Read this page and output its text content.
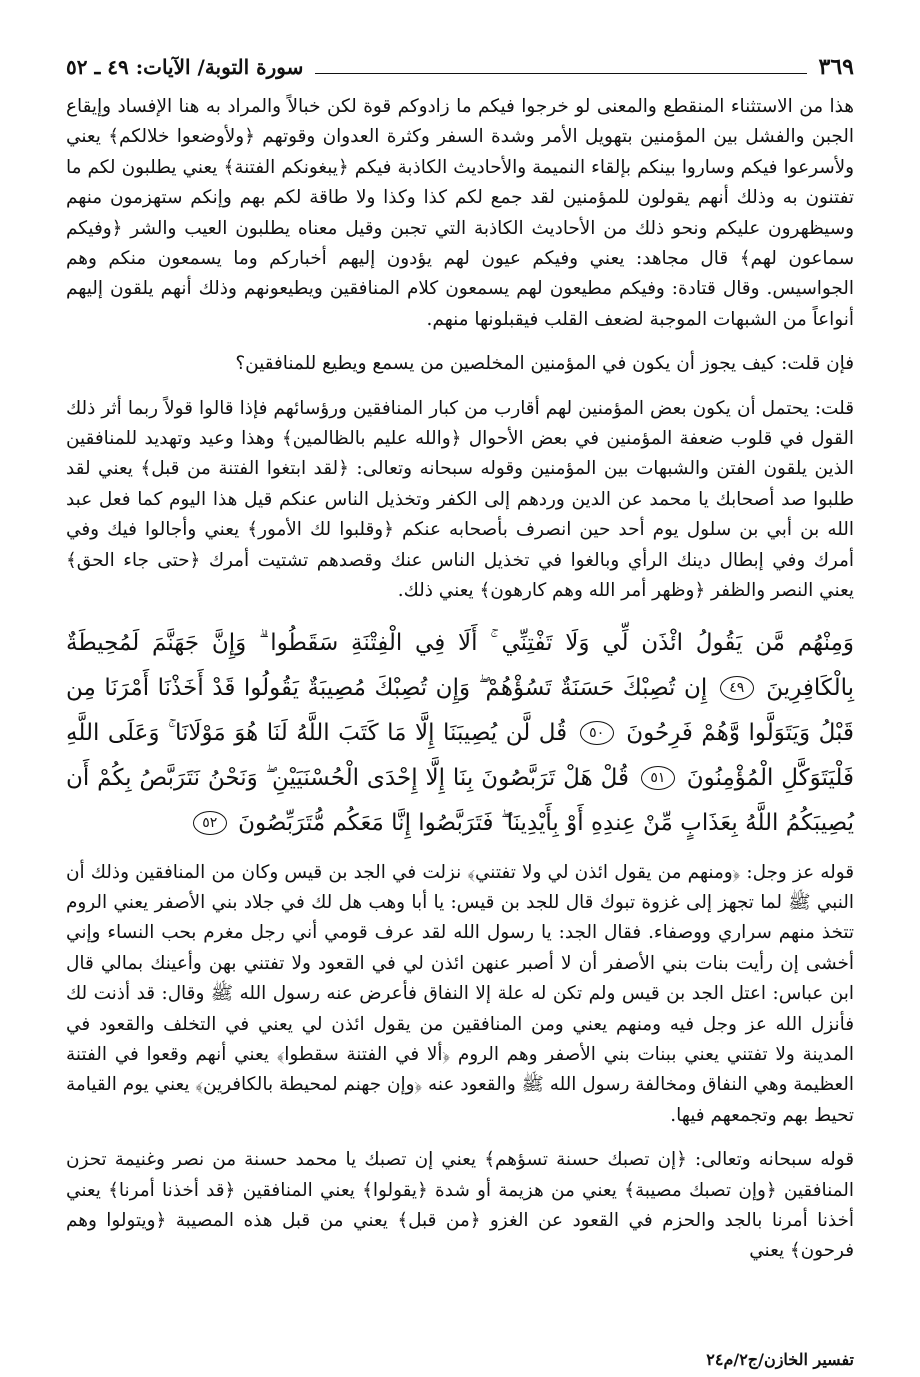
٣٦٩
سورة التوبة/ الآيات: ٤٩ ـ ٥٢

هذا من الاستثناء المنقطع والمعنى لو خرجوا فيكم ما زادوكم قوة لكن خبالاً والمراد به هنا الإفساد وإيقاع الجبن والفشل بين المؤمنين بتهويل الأمر وشدة السفر وكثرة العدوان وقوتهم ﴿ولأوضعوا خلالكم﴾ يعني ولأسرعوا فيكم وساروا بينكم بإلقاء النميمة والأحاديث الكاذبة فيكم ﴿يبغونكم الفتنة﴾ يعني يطلبون لكم ما تفتنون به وذلك أنهم يقولون للمؤمنين لقد جمع لكم كذا وكذا ولا طاقة لكم بهم وإنكم ستهزمون منهم وسيظهرون عليكم ونحو ذلك من الأحاديث الكاذبة التي تجبن وقيل معناه يطلبون العيب والشر ﴿وفيكم سماعون لهم﴾ قال مجاهد: يعني وفيكم عيون لهم يؤدون إليهم أخباركم وما يسمعون منكم وهم الجواسيس. وقال قتادة: وفيكم مطيعون لهم يسمعون كلام المنافقين ويطيعونهم وذلك أنهم يلقون إليهم أنواعاً من الشبهات الموجبة لضعف القلب فيقبلونها منهم.

فإن قلت: كيف يجوز أن يكون في المؤمنين المخلصين من يسمع ويطيع للمنافقين؟

قلت: يحتمل أن يكون بعض المؤمنين لهم أقارب من كبار المنافقين ورؤسائهم فإذا قالوا قولاً ربما أثر ذلك القول في قلوب ضعفة المؤمنين في بعض الأحوال ﴿والله عليم بالظالمين﴾ وهذا وعيد وتهديد للمنافقين الذين يلقون الفتن والشبهات بين المؤمنين وقوله سبحانه وتعالى: ﴿لقد ابتغوا الفتنة من قبل﴾ يعني لقد طلبوا صد أصحابك يا محمد عن الدين وردهم إلى الكفر وتخذيل الناس عنكم قيل هذا اليوم كما فعل عبد الله بن أبي بن سلول يوم أحد حين انصرف بأصحابه عنكم ﴿وقلبوا لك الأمور﴾ يعني وأجالوا فيك وفي أمرك وفي إبطال دينك الرأي وبالغوا في تخذيل الناس عنك وقصدهم تشتيت أمرك ﴿حتى جاء الحق﴾ يعني النصر والظفر ﴿وظهر أمر الله وهم كارهون﴾ يعني ذلك.

وَمِنْهُم مَّن يَقُولُ ائْذَن لِّي وَلَا تَفْتِنِّي ۚ أَلَا فِي الْفِتْنَةِ سَقَطُوا ۗ وَإِنَّ جَهَنَّمَ لَمُحِيطَةٌ بِالْكَافِرِينَ ٤٩ إِن تُصِبْكَ حَسَنَةٌ تَسُؤْهُمْ ۖ وَإِن تُصِبْكَ مُصِيبَةٌ يَقُولُوا قَدْ أَخَذْنَا أَمْرَنَا مِن قَبْلُ وَيَتَوَلَّوا وَّهُمْ فَرِحُونَ ٥٠ قُل لَّن يُصِيبَنَا إِلَّا مَا كَتَبَ اللَّهُ لَنَا هُوَ مَوْلَانَا ۚ وَعَلَى اللَّهِ فَلْيَتَوَكَّلِ الْمُؤْمِنُونَ ٥١ قُلْ هَلْ تَرَبَّصُونَ بِنَا إِلَّا إِحْدَى الْحُسْنَيَيْنِ ۖ وَنَحْنُ نَتَرَبَّصُ بِكُمْ أَن يُصِيبَكُمُ اللَّهُ بِعَذَابٍ مِّنْ عِندِهِ أَوْ بِأَيْدِينَا ۖ فَتَرَبَّصُوا إِنَّا مَعَكُم مُّتَرَبِّصُونَ ٥٢

قوله عز وجل: ﴿ومنهم من يقول ائذن لي ولا تفتني﴾ نزلت في الجد بن قيس وكان من المنافقين وذلك أن النبي ﷺ لما تجهز إلى غزوة تبوك قال للجد بن قيس: يا أبا وهب هل لك في جلاد بني الأصفر يعني الروم تتخذ منهم سراري ووصفاء. فقال الجد: يا رسول الله لقد عرف قومي أني رجل مغرم بحب النساء وإني أخشى إن رأيت بنات بني الأصفر أن لا أصبر عنهن ائذن لي في القعود ولا تفتني بهن وأعينك بمالي قال ابن عباس: اعتل الجد بن قيس ولم تكن له علة إلا النفاق فأعرض عنه رسول الله ﷺ وقال: قد أذنت لك فأنزل الله عز وجل فيه ومنهم يعني ومن المنافقين من يقول ائذن لي يعني في التخلف والقعود في المدينة ولا تفتني يعني ببنات بني الأصفر وهم الروم ﴿ألا في الفتنة سقطوا﴾ يعني أنهم وقعوا في الفتنة العظيمة وهي النفاق ومخالفة رسول الله ﷺ والقعود عنه ﴿وإن جهنم لمحيطة بالكافرين﴾ يعني يوم القيامة تحيط بهم وتجمعهم فيها.

قوله سبحانه وتعالى: ﴿إن تصبك حسنة تسؤهم﴾ يعني إن تصبك يا محمد حسنة من نصر وغنيمة تحزن المنافقين ﴿وإن تصبك مصيبة﴾ يعني من هزيمة أو شدة ﴿يقولوا﴾ يعني المنافقين ﴿قد أخذنا أمرنا﴾ يعني أخذنا أمرنا بالجد والحزم في القعود عن الغزو ﴿من قبل﴾ يعني من قبل هذه المصيبة ﴿ويتولوا وهم فرحون﴾ يعني

تفسير الخازن/ج٢/م٢٤
